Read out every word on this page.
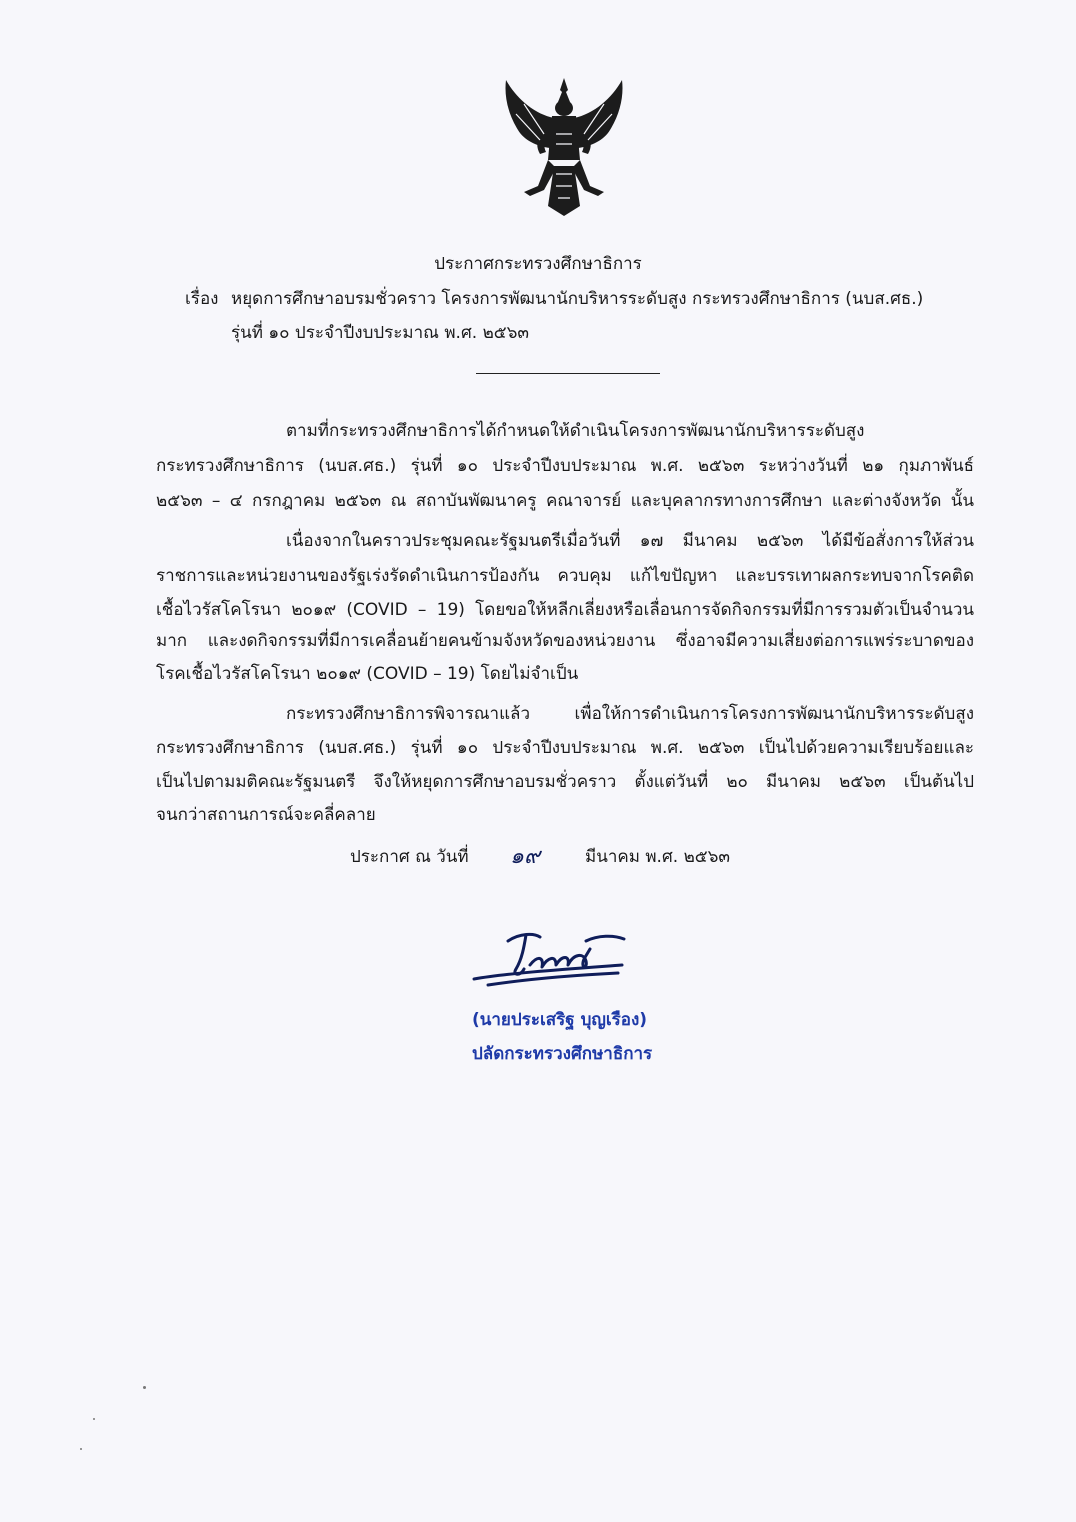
ประกาศกระทรวงศึกษาธิการ
เรื่อง หยุดการศึกษาอบรมชั่วคราว โครงการพัฒนานักบริหารระดับสูง กระทรวงศึกษาธิการ (นบส.ศธ.)
รุ่นที่ ๑๐ ประจำปีงบประมาณ พ.ศ. ๒๕๖๓
ตามที่กระทรวงศึกษาธิการได้กำหนดให้ดำเนินโครงการพัฒนานักบริหารระดับสูง
กระทรวงศึกษาธิการ (นบส.ศธ.) รุ่นที่ ๑๐ ประจำปีงบประมาณ พ.ศ. ๒๕๖๓ ระหว่างวันที่ ๒๑ กุมภาพันธ์
๒๕๖๓ – ๔ กรกฎาคม ๒๕๖๓ ณ สถาบันพัฒนาครู คณาจารย์ และบุคลากรทางการศึกษา และต่างจังหวัด นั้น
เนื่องจากในคราวประชุมคณะรัฐมนตรีเมื่อวันที่ ๑๗ มีนาคม ๒๕๖๓ ได้มีข้อสั่งการให้ส่วน
ราชการและหน่วยงานของรัฐเร่งรัดดำเนินการป้องกัน ควบคุม แก้ไขปัญหา และบรรเทาผลกระทบจากโรคติด
เชื้อไวรัสโคโรนา ๒๐๑๙ (COVID – 19) โดยขอให้หลีกเลี่ยงหรือเลื่อนการจัดกิจกรรมที่มีการรวมตัวเป็นจำนวน
มาก และงดกิจกรรมที่มีการเคลื่อนย้ายคนข้ามจังหวัดของหน่วยงาน ซึ่งอาจมีความเสี่ยงต่อการแพร่ระบาดของ
โรคเชื้อไวรัสโคโรนา ๒๐๑๙ (COVID – 19) โดยไม่จำเป็น
กระทรวงศึกษาธิการพิจารณาแล้ว เพื่อให้การดำเนินการโครงการพัฒนานักบริหารระดับสูง
กระทรวงศึกษาธิการ (นบส.ศธ.) รุ่นที่ ๑๐ ประจำปีงบประมาณ พ.ศ. ๒๕๖๓ เป็นไปด้วยความเรียบร้อยและ
เป็นไปตามมติคณะรัฐมนตรี จึงให้หยุดการศึกษาอบรมชั่วคราว ตั้งแต่วันที่ ๒๐ มีนาคม ๒๕๖๓ เป็นต้นไป
จนกว่าสถานการณ์จะคลี่คลาย
ประกาศ ณ วันที่ ๑๙	มีนาคม พ.ศ. ๒๕๖๓
(นายประเสริฐ บุญเรือง)
ปลัดกระทรวงศึกษาธิการ
